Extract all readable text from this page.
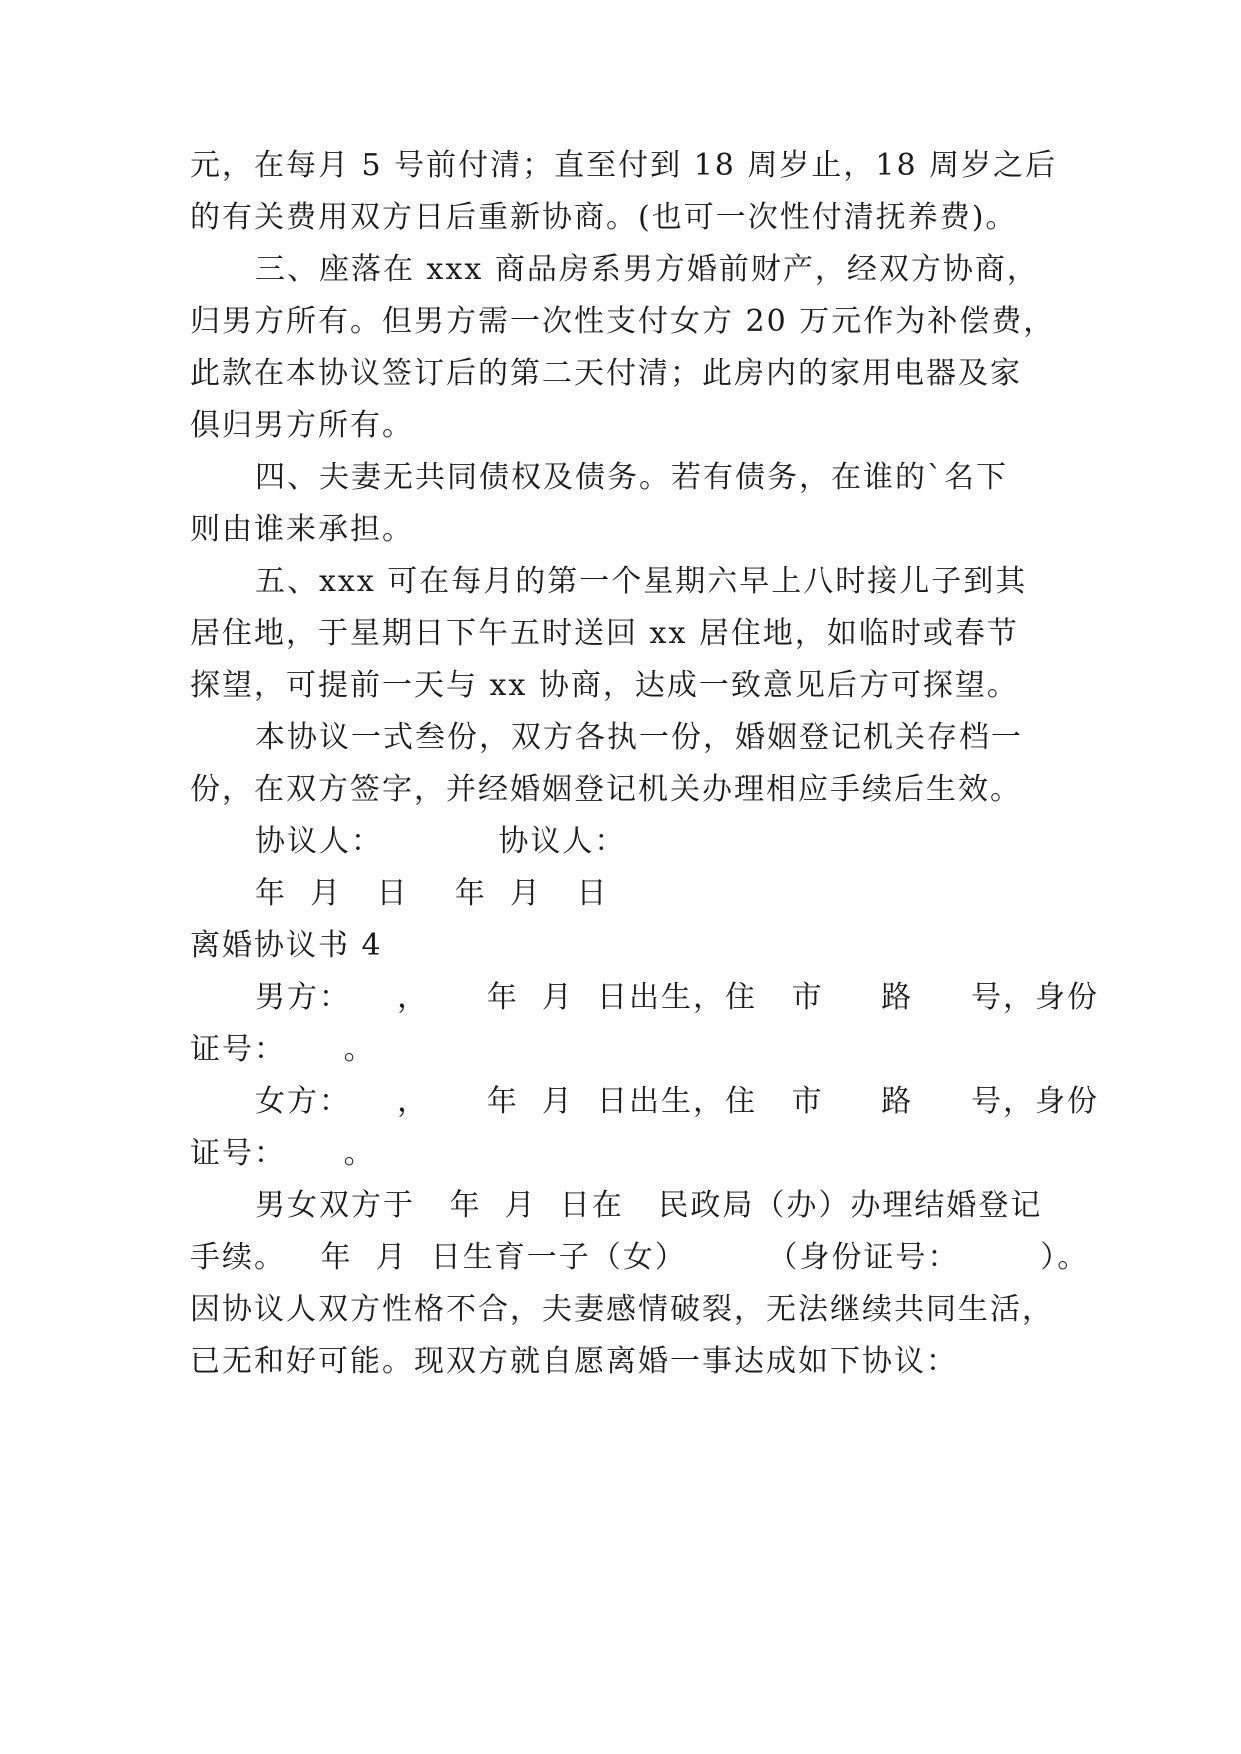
元，在每月 5 号前付清；直至付到 18 周岁止，18 周岁之后
的有关费用双方日后重新协商。(也可一次性付清抚养费)。
三、座落在 xxx 商品房系男方婚前财产，经双方协商，
归男方所有。但男方需一次性支付女方 20 万元作为补偿费，
此款在本协议签订后的第二天付清；此房内的家用电器及家
俱归男方所有。
四、夫妻无共同债权及债务。若有债务，在谁的`名下
则由谁来承担。
五、xxx 可在每月的第一个星期六早上八时接儿子到其
居住地，于星期日下午五时送回 xx 居住地，如临时或春节
探望，可提前一天与 xx 协商，达成一致意见后方可探望。
本协议一式叁份，双方各执一份，婚姻登记机关存档一
份，在双方签字，并经婚姻登记机关办理相应手续后生效。
协议人：          协议人：
年  月   日    年  月   日
离婚协议书 4
男方：    ，     年  月  日出生，住   市     路     号，身份
证号：     。
女方：    ，     年  月  日出生，住   市     路     号，身份
证号：     。
男女双方于   年  月  日在   民政局（办）办理结婚登记
手续。   年  月  日生育一子（女）       （身份证号：       ）。
因协议人双方性格不合，夫妻感情破裂，无法继续共同生活，
已无和好可能。现双方就自愿离婚一事达成如下协议：
